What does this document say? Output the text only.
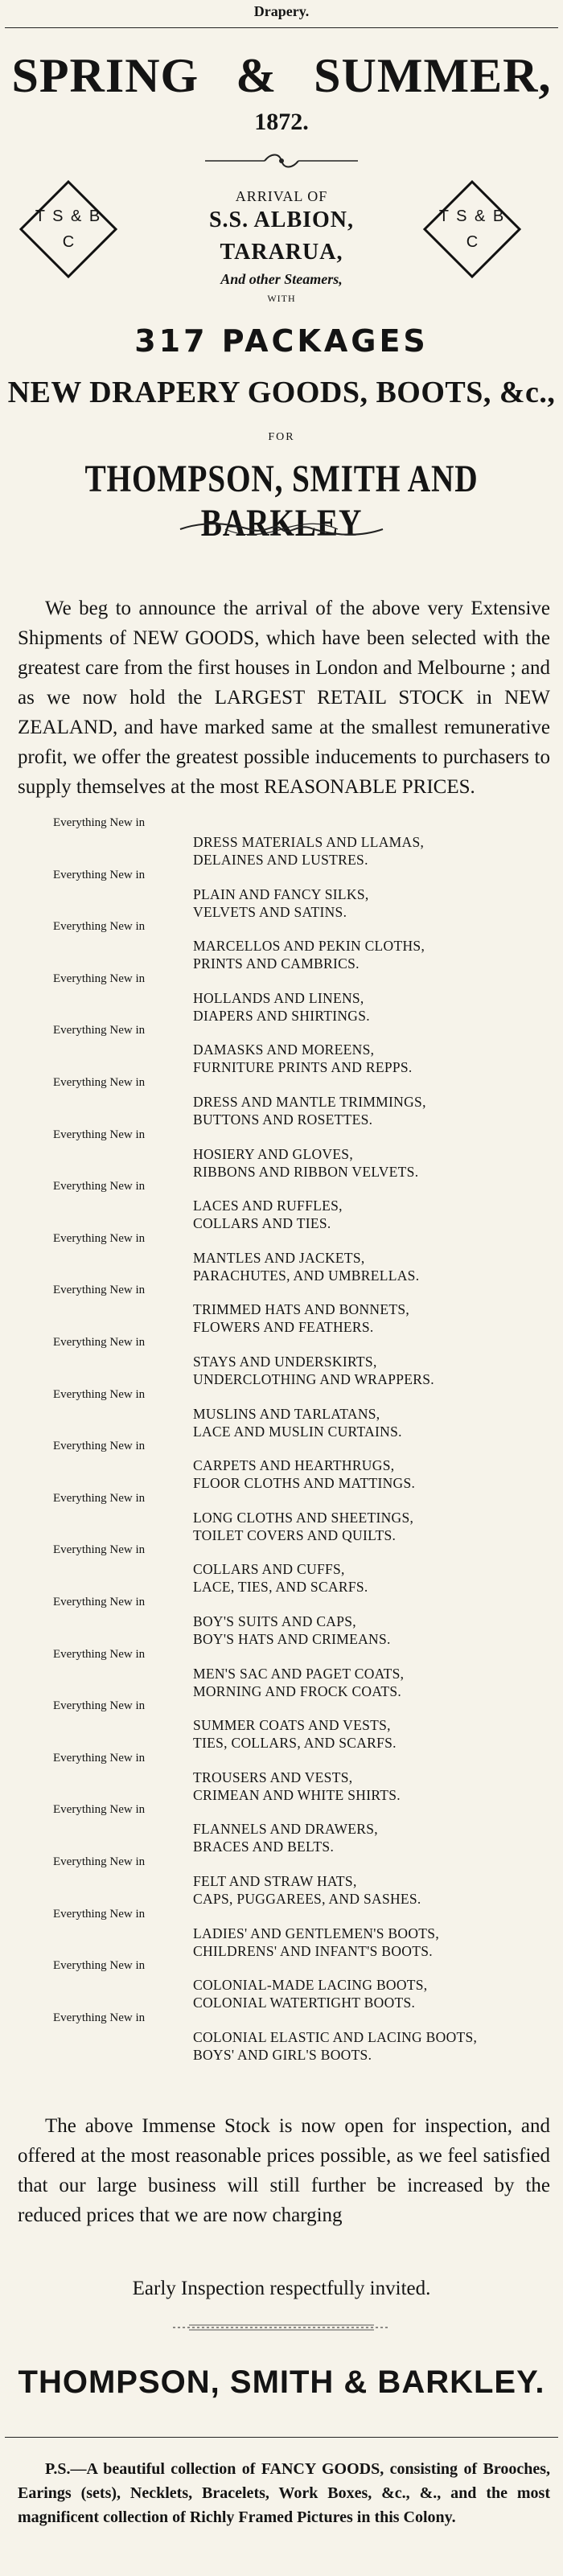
Drapery.
SPRING & SUMMER,
1872.
T S & B
C
T S & B
C
ARRIVAL OF
S.S. ALBION,
TARARUA,
And other Steamers,
WITH
317 PACKAGES
NEW DRAPERY GOODS, BOOTS, &c.,
FOR
THOMPSON, SMITH AND BARKLEY

We beg to announce the arrival of the above very Extensive Shipments of NEW GOODS, which have been selected with the greatest care from the first houses in London and Melbourne ; and as we now hold the LARGEST RETAIL STOCK in NEW ZEALAND, and have marked same at the smallest remunerative profit, we offer the greatest possible inducements to purchasers to supply themselves at the most REASONABLE PRICES.

Everything New in
DRESS MATERIALS AND LLAMAS,
DELAINES AND LUSTRES.
Everything New in
PLAIN AND FANCY SILKS,
VELVETS AND SATINS.
Everything New in
MARCELLOS AND PEKIN CLOTHS,
PRINTS AND CAMBRICS.
Everything New in
HOLLANDS AND LINENS,
DIAPERS AND SHIRTINGS.
Everything New in
DAMASKS AND MOREENS,
FURNITURE PRINTS AND REPPS.
Everything New in
DRESS AND MANTLE TRIMMINGS,
BUTTONS AND ROSETTES.
Everything New in
HOSIERY AND GLOVES,
RIBBONS AND RIBBON VELVETS.
Everything New in
LACES AND RUFFLES,
COLLARS AND TIES.
Everything New in
MANTLES AND JACKETS,
PARACHUTES, AND UMBRELLAS.
Everything New in
TRIMMED HATS AND BONNETS,
FLOWERS AND FEATHERS.
Everything New in
STAYS AND UNDERSKIRTS,
UNDERCLOTHING AND WRAPPERS.
Everything New in
MUSLINS AND TARLATANS,
LACE AND MUSLIN CURTAINS.
Everything New in
CARPETS AND HEARTHRUGS,
FLOOR CLOTHS AND MATTINGS.
Everything New in
LONG CLOTHS AND SHEETINGS,
TOILET COVERS AND QUILTS.
Everything New in
COLLARS AND CUFFS,
LACE, TIES, AND SCARFS.
Everything New in
BOY'S SUITS AND CAPS,
BOY'S HATS AND CRIMEANS.
Everything New in
MEN'S SAC AND PAGET COATS,
MORNING AND FROCK COATS.
Everything New in
SUMMER COATS AND VESTS,
TIES, COLLARS, AND SCARFS.
Everything New in
TROUSERS AND VESTS,
CRIMEAN AND WHITE SHIRTS.
Everything New in
FLANNELS AND DRAWERS,
BRACES AND BELTS.
Everything New in
FELT AND STRAW HATS,
CAPS, PUGGAREES, AND SASHES.
Everything New in
LADIES' AND GENTLEMEN'S BOOTS,
CHILDRENS' AND INFANT'S BOOTS.
Everything New in
COLONIAL-MADE LACING BOOTS,
COLONIAL WATERTIGHT BOOTS.
Everything New in
COLONIAL ELASTIC AND LACING BOOTS,
BOYS' AND GIRL'S BOOTS.

The above Immense Stock is now open for inspection, and offered at the most reasonable prices possible, as we feel satisfied that our large business will still further be increased by the reduced prices that we are now charging

Early Inspection respectfully invited.
THOMPSON, SMITH & BARKLEY.

P.S.—A beautiful collection of FANCY GOODS, consisting of Brooches, Earings (sets), Necklets, Bracelets, Work Boxes, &c., &., and the most magnificent collection of Richly Framed Pictures in this Colony.
